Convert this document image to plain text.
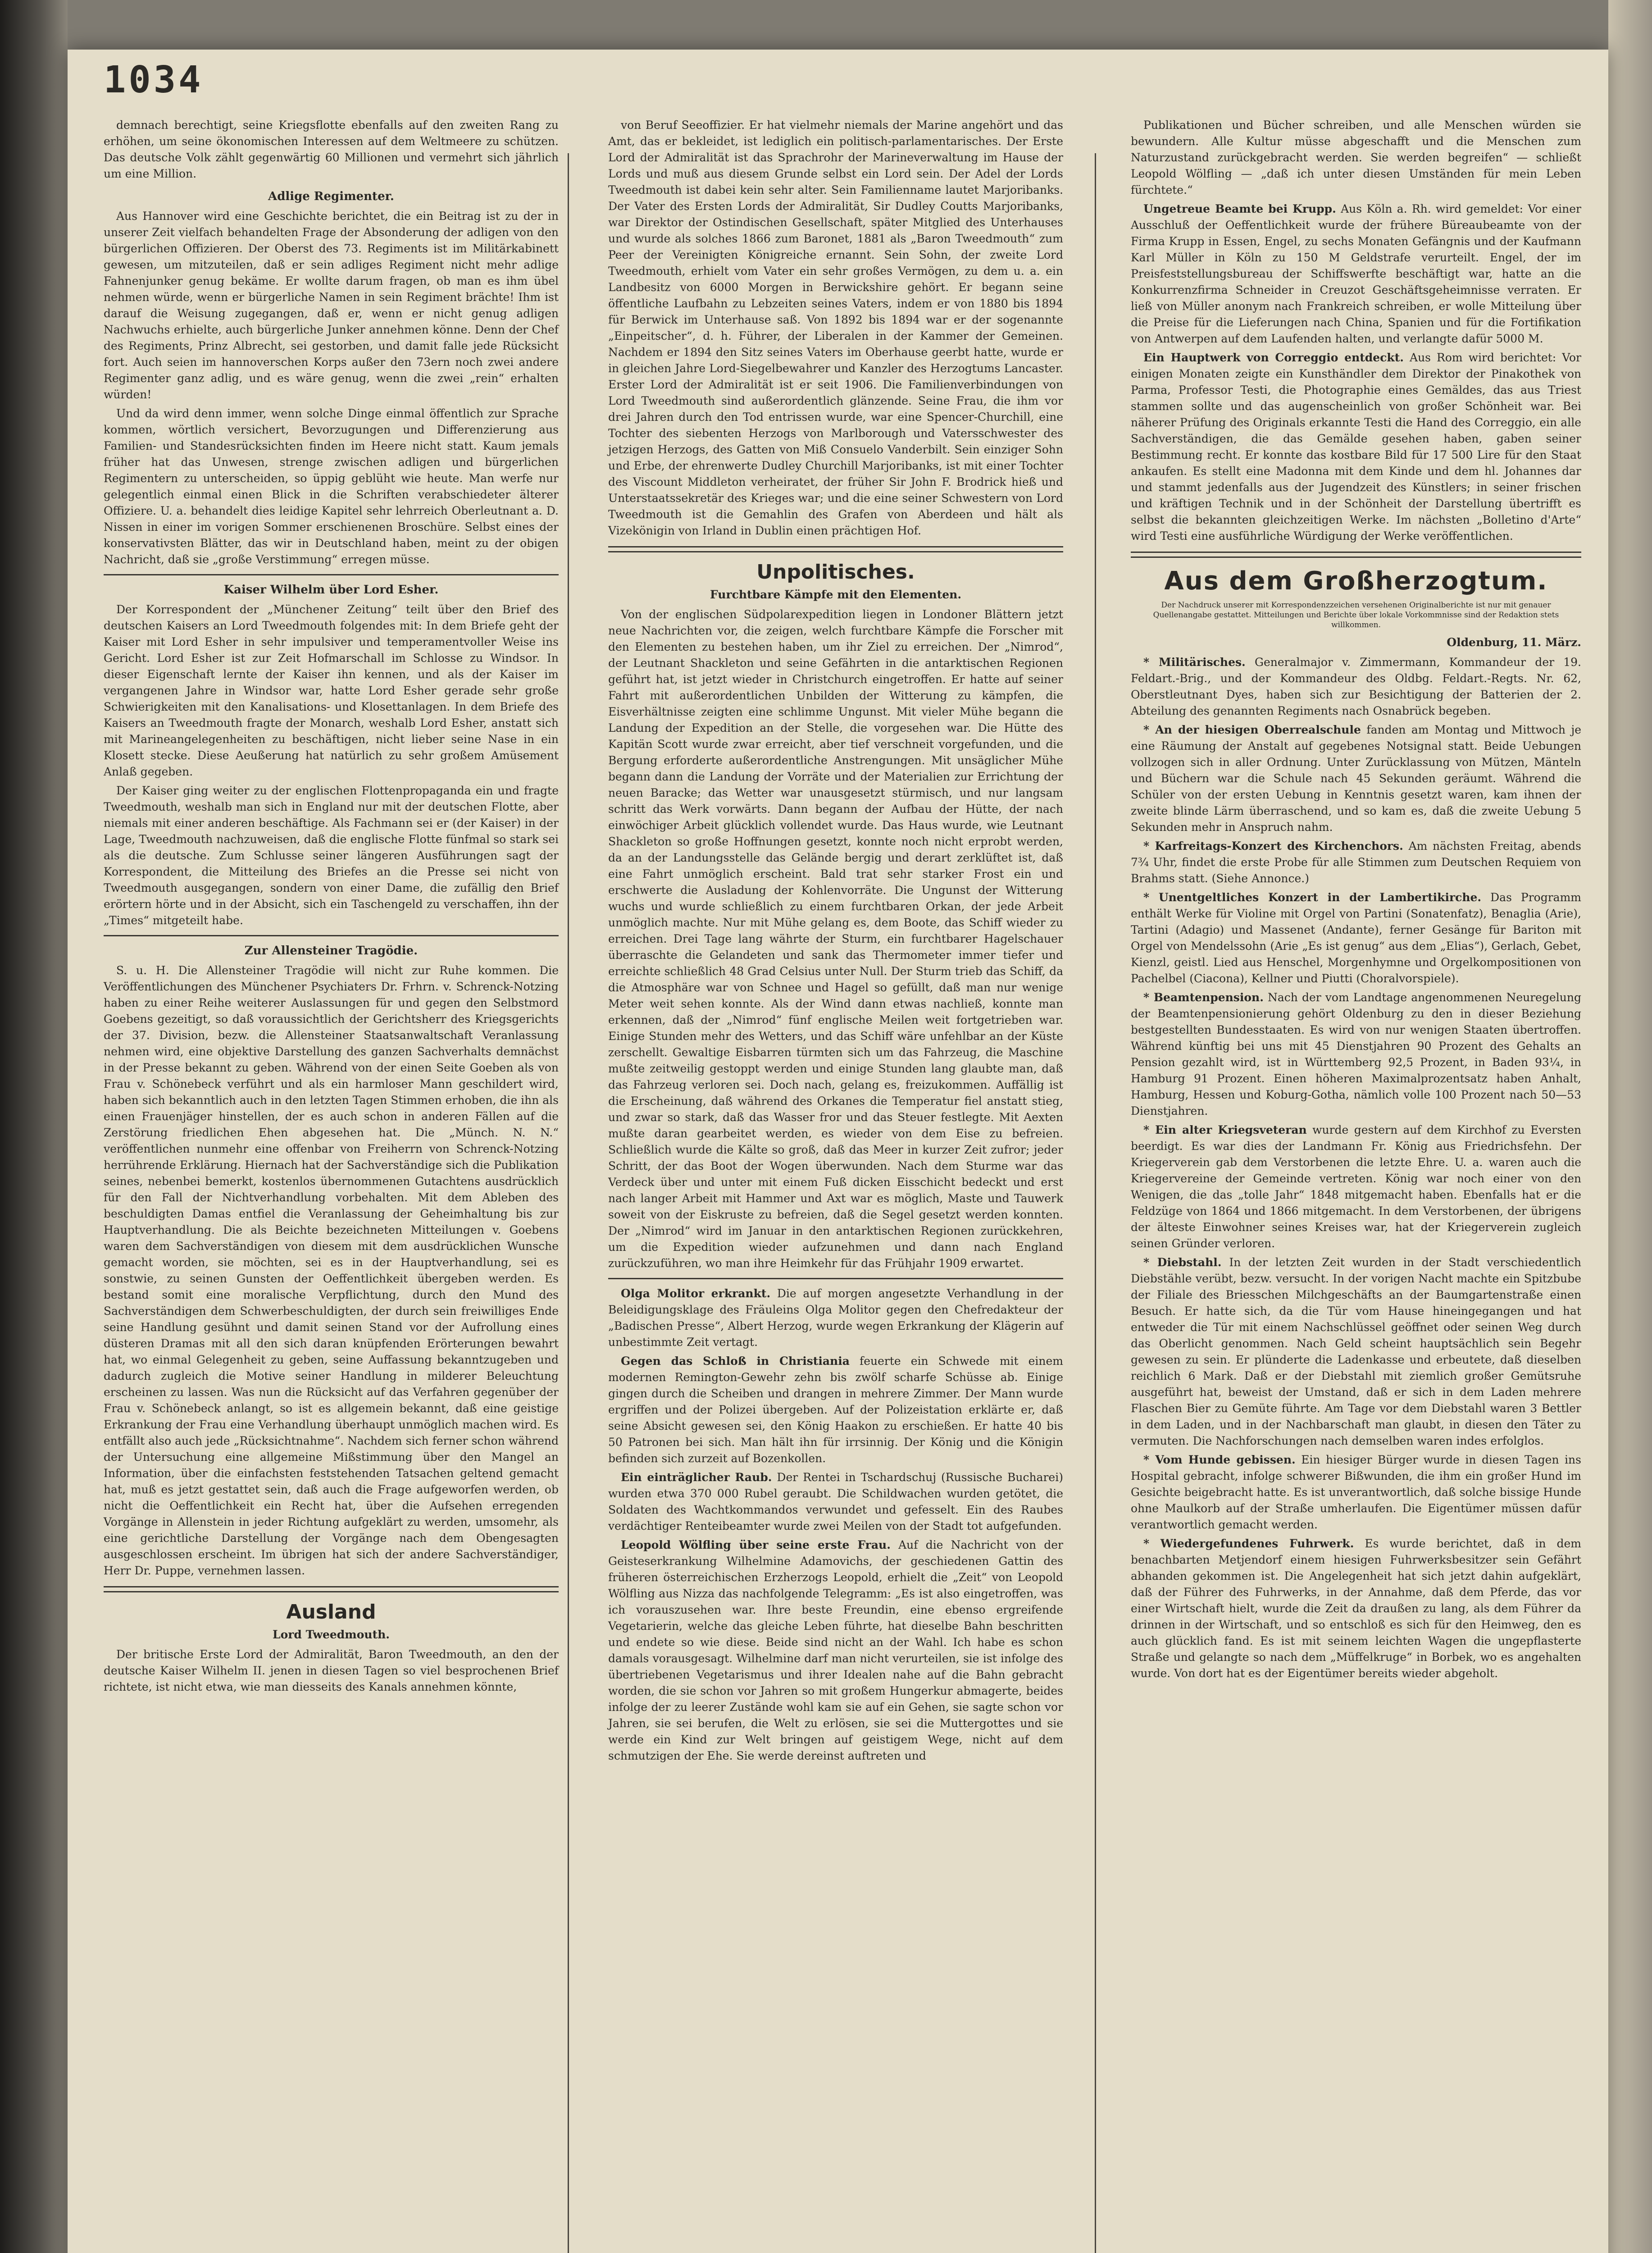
1034

demnach berechtigt, seine Kriegsflotte ebenfalls auf den zweiten Rang zu erhöhen, um seine ökonomischen Interessen auf dem Weltmeere zu schützen. Das deutsche Volk zählt gegenwärtig 60 Millionen und vermehrt sich jährlich um eine Million.

Adlige Regimenter.

Aus Hannover wird eine Geschichte berichtet, die ein Beitrag ist zu der in unserer Zeit vielfach behandelten Frage der Absonderung der adligen von den bürgerlichen Offizieren. Der Oberst des 73. Regiments ist im Militärkabinett gewesen, um mitzuteilen, daß er sein adliges Regiment nicht mehr adlige Fahnenjunker genug bekäme. Er wollte darum fragen, ob man es ihm übel nehmen würde, wenn er bürgerliche Namen in sein Regiment brächte! Ihm ist darauf die Weisung zugegangen, daß er, wenn er nicht genug adligen Nachwuchs erhielte, auch bürgerliche Junker annehmen könne. Denn der Chef des Regiments, Prinz Albrecht, sei gestorben, und damit falle jede Rücksicht fort. Auch seien im hannoverschen Korps außer den 73ern noch zwei andere Regimenter ganz adlig, und es wäre genug, wenn die zwei „rein“ erhalten würden!

Und da wird denn immer, wenn solche Dinge einmal öffentlich zur Sprache kommen, wörtlich versichert, Bevorzugungen und Differenzierung aus Familien- und Standesrücksichten finden im Heere nicht statt. Kaum jemals früher hat das Unwesen, strenge zwischen adligen und bürgerlichen Regimentern zu unterscheiden, so üppig geblüht wie heute. Man werfe nur gelegentlich einmal einen Blick in die Schriften verabschiedeter älterer Offiziere. U. a. behandelt dies leidige Kapitel sehr lehrreich Oberleutnant a. D. Nissen in einer im vorigen Sommer erschienenen Broschüre. Selbst eines der konservativsten Blätter, das wir in Deutschland haben, meint zu der obigen Nachricht, daß sie „große Verstimmung“ erregen müsse.

Kaiser Wilhelm über Lord Esher.

Der Korrespondent der „Münchener Zeitung“ teilt über den Brief des deutschen Kaisers an Lord Tweedmouth folgendes mit: In dem Briefe geht der Kaiser mit Lord Esher in sehr impulsiver und temperamentvoller Weise ins Gericht. Lord Esher ist zur Zeit Hofmarschall im Schlosse zu Windsor. In dieser Eigenschaft lernte der Kaiser ihn kennen, und als der Kaiser im vergangenen Jahre in Windsor war, hatte Lord Esher gerade sehr große Schwierigkeiten mit den Kanalisations- und Klosettanlagen. In dem Briefe des Kaisers an Tweedmouth fragte der Monarch, weshalb Lord Esher, anstatt sich mit Marineangelegenheiten zu beschäftigen, nicht lieber seine Nase in ein Klosett stecke. Diese Aeußerung hat natürlich zu sehr großem Amüsement Anlaß gegeben.

Der Kaiser ging weiter zu der englischen Flottenpropaganda ein und fragte Tweedmouth, weshalb man sich in England nur mit der deutschen Flotte, aber niemals mit einer anderen beschäftige. Als Fachmann sei er (der Kaiser) in der Lage, Tweedmouth nachzuweisen, daß die englische Flotte fünfmal so stark sei als die deutsche. Zum Schlusse seiner längeren Ausführungen sagt der Korrespondent, die Mitteilung des Briefes an die Presse sei nicht von Tweedmouth ausgegangen, sondern von einer Dame, die zufällig den Brief erörtern hörte und in der Absicht, sich ein Taschengeld zu verschaffen, ihn der „Times“ mitgeteilt habe.

Zur Allensteiner Tragödie.

S. u. H. Die Allensteiner Tragödie will nicht zur Ruhe kommen. Die Veröffentlichungen des Münchener Psychiaters Dr. Frhrn. v. Schrenck-Notzing haben zu einer Reihe weiterer Auslassungen für und gegen den Selbstmord Goebens gezeitigt, so daß voraussichtlich der Gerichtsherr des Kriegsgerichts der 37. Division, bezw. die Allensteiner Staatsanwaltschaft Veranlassung nehmen wird, eine objektive Darstellung des ganzen Sachverhalts demnächst in der Presse bekannt zu geben. Während von der einen Seite Goeben als von Frau v. Schönebeck verführt und als ein harmloser Mann geschildert wird, haben sich bekanntlich auch in den letzten Tagen Stimmen erhoben, die ihn als einen Frauenjäger hinstellen, der es auch schon in anderen Fällen auf die Zerstörung friedlichen Ehen abgesehen hat. Die „Münch. N. N.“ veröffentlichen nunmehr eine offenbar von Freiherrn von Schrenck-Notzing herrührende Erklärung. Hiernach hat der Sachverständige sich die Publikation seines, nebenbei bemerkt, kostenlos übernommenen Gutachtens ausdrücklich für den Fall der Nichtverhandlung vorbehalten. Mit dem Ableben des beschuldigten Damas entfiel die Veranlassung der Geheimhaltung bis zur Hauptverhandlung. Die als Beichte bezeichneten Mitteilungen v. Goebens waren dem Sachverständigen von diesem mit dem ausdrücklichen Wunsche gemacht worden, sie möchten, sei es in der Hauptverhandlung, sei es sonstwie, zu seinen Gunsten der Oeffentlichkeit übergeben werden. Es bestand somit eine moralische Verpflichtung, durch den Mund des Sachverständigen dem Schwerbeschuldigten, der durch sein freiwilliges Ende seine Handlung gesühnt und damit seinen Stand vor der Aufrollung eines düsteren Dramas mit all den sich daran knüpfenden Erörterungen bewahrt hat, wo einmal Gelegenheit zu geben, seine Auffassung bekanntzugeben und dadurch zugleich die Motive seiner Handlung in milderer Beleuchtung erscheinen zu lassen. Was nun die Rücksicht auf das Verfahren gegenüber der Frau v. Schönebeck anlangt, so ist es allgemein bekannt, daß eine geistige Erkrankung der Frau eine Verhandlung überhaupt unmöglich machen wird. Es entfällt also auch jede „Rücksichtnahme“. Nachdem sich ferner schon während der Untersuchung eine allgemeine Mißstimmung über den Mangel an Information, über die einfachsten feststehenden Tatsachen geltend gemacht hat, muß es jetzt gestattet sein, daß auch die Frage aufgeworfen werden, ob nicht die Oeffentlichkeit ein Recht hat, über die Aufsehen erregenden Vorgänge in Allenstein in jeder Richtung aufgeklärt zu werden, umsomehr, als eine gerichtliche Darstellung der Vorgänge nach dem Obengesagten ausgeschlossen erscheint. Im übrigen hat sich der andere Sachverständiger, Herr Dr. Puppe, vernehmen lassen.

Ausland
Lord Tweedmouth.

Der britische Erste Lord der Admiralität, Baron Tweedmouth, an den der deutsche Kaiser Wilhelm II. jenen in diesen Tagen so viel besprochenen Brief richtete, ist nicht etwa, wie man diesseits des Kanals annehmen könnte,

von Beruf Seeoffizier. Er hat vielmehr niemals der Marine angehört und das Amt, das er bekleidet, ist lediglich ein politisch-parlamentarisches. Der Erste Lord der Admiralität ist das Sprachrohr der Marineverwaltung im Hause der Lords und muß aus diesem Grunde selbst ein Lord sein. Der Adel der Lords Tweedmouth ist dabei kein sehr alter. Sein Familienname lautet Marjoribanks. Der Vater des Ersten Lords der Admiralität, Sir Dudley Coutts Marjoribanks, war Direktor der Ostindischen Gesellschaft, später Mitglied des Unterhauses und wurde als solches 1866 zum Baronet, 1881 als „Baron Tweedmouth“ zum Peer der Vereinigten Königreiche ernannt. Sein Sohn, der zweite Lord Tweedmouth, erhielt vom Vater ein sehr großes Vermögen, zu dem u. a. ein Landbesitz von 6000 Morgen in Berwickshire gehört. Er begann seine öffentliche Laufbahn zu Lebzeiten seines Vaters, indem er von 1880 bis 1894 für Berwick im Unterhause saß. Von 1892 bis 1894 war er der sogenannte „Einpeitscher“, d. h. Führer, der Liberalen in der Kammer der Gemeinen. Nachdem er 1894 den Sitz seines Vaters im Oberhause geerbt hatte, wurde er in gleichen Jahre Lord-Siegelbewahrer und Kanzler des Herzogtums Lancaster. Erster Lord der Admiralität ist er seit 1906. Die Familienverbindungen von Lord Tweedmouth sind außerordentlich glänzende. Seine Frau, die ihm vor drei Jahren durch den Tod entrissen wurde, war eine Spencer-Churchill, eine Tochter des siebenten Herzogs von Marlborough und Vatersschwester des jetzigen Herzogs, des Gatten von Miß Consuelo Vanderbilt. Sein einziger Sohn und Erbe, der ehrenwerte Dudley Churchill Marjoribanks, ist mit einer Tochter des Viscount Middleton verheiratet, der früher Sir John F. Brodrick hieß und Unterstaatssekretär des Krieges war; und die eine seiner Schwestern von Lord Tweedmouth ist die Gemahlin des Grafen von Aberdeen und hält als Vizekönigin von Irland in Dublin einen prächtigen Hof.

Unpolitisches.
Furchtbare Kämpfe mit den Elementen.

Von der englischen Südpolarexpedition liegen in Londoner Blättern jetzt neue Nachrichten vor, die zeigen, welch furchtbare Kämpfe die Forscher mit den Elementen zu bestehen haben, um ihr Ziel zu erreichen. Der „Nimrod“, der Leutnant Shackleton und seine Gefährten in die antarktischen Regionen geführt hat, ist jetzt wieder in Christchurch eingetroffen. Er hatte auf seiner Fahrt mit außerordentlichen Unbilden der Witterung zu kämpfen, die Eisverhältnisse zeigten eine schlimme Ungunst. Mit vieler Mühe begann die Landung der Expedition an der Stelle, die vorgesehen war. Die Hütte des Kapitän Scott wurde zwar erreicht, aber tief verschneit vorgefunden, und die Bergung erforderte außerordentliche Anstrengungen. Mit unsäglicher Mühe begann dann die Landung der Vorräte und der Materialien zur Errichtung der neuen Baracke; das Wetter war unausgesetzt stürmisch, und nur langsam schritt das Werk vorwärts. Dann begann der Aufbau der Hütte, der nach einwöchiger Arbeit glücklich vollendet wurde. Das Haus wurde, wie Leutnant Shackleton so große Hoffnungen gesetzt, konnte noch nicht erprobt werden, da an der Landungsstelle das Gelände bergig und derart zerklüftet ist, daß eine Fahrt unmöglich erscheint. Bald trat sehr starker Frost ein und erschwerte die Ausladung der Kohlenvorräte. Die Ungunst der Witterung wuchs und wurde schließlich zu einem furchtbaren Orkan, der jede Arbeit unmöglich machte. Nur mit Mühe gelang es, dem Boote, das Schiff wieder zu erreichen. Drei Tage lang währte der Sturm, ein furchtbarer Hagelschauer überraschte die Gelandeten und sank das Thermometer immer tiefer und erreichte schließlich 48 Grad Celsius unter Null. Der Sturm trieb das Schiff, da die Atmosphäre war von Schnee und Hagel so gefüllt, daß man nur wenige Meter weit sehen konnte. Als der Wind dann etwas nachließ, konnte man erkennen, daß der „Nimrod“ fünf englische Meilen weit fortgetrieben war. Einige Stunden mehr des Wetters, und das Schiff wäre unfehlbar an der Küste zerschellt. Gewaltige Eisbarren türmten sich um das Fahrzeug, die Maschine mußte zeitweilig gestoppt werden und einige Stunden lang glaubte man, daß das Fahrzeug verloren sei. Doch nach, gelang es, freizukommen. Auffällig ist die Erscheinung, daß während des Orkanes die Temperatur fiel anstatt stieg, und zwar so stark, daß das Wasser fror und das Steuer festlegte. Mit Aexten mußte daran gearbeitet werden, es wieder von dem Eise zu befreien. Schließlich wurde die Kälte so groß, daß das Meer in kurzer Zeit zufror; jeder Schritt, der das Boot der Wogen überwunden. Nach dem Sturme war das Verdeck über und unter mit einem Fuß dicken Eisschicht bedeckt und erst nach langer Arbeit mit Hammer und Axt war es möglich, Maste und Tauwerk soweit von der Eiskruste zu befreien, daß die Segel gesetzt werden konnten. Der „Nimrod“ wird im Januar in den antarktischen Regionen zurückkehren, um die Expedition wieder aufzunehmen und dann nach England zurückzuführen, wo man ihre Heimkehr für das Frühjahr 1909 erwartet.

Olga Molitor erkrankt. Die auf morgen angesetzte Verhandlung in der Beleidigungsklage des Fräuleins Olga Molitor gegen den Chefredakteur der „Badischen Presse“, Albert Herzog, wurde wegen Erkrankung der Klägerin auf unbestimmte Zeit vertagt.

Gegen das Schloß in Christiania feuerte ein Schwede mit einem modernen Remington-Gewehr zehn bis zwölf scharfe Schüsse ab. Einige gingen durch die Scheiben und drangen in mehrere Zimmer. Der Mann wurde ergriffen und der Polizei übergeben. Auf der Polizeistation erklärte er, daß seine Absicht gewesen sei, den König Haakon zu erschießen. Er hatte 40 bis 50 Patronen bei sich. Man hält ihn für irrsinnig. Der König und die Königin befinden sich zurzeit auf Bozenkollen.

Ein einträglicher Raub. Der Rentei in Tschardschuj (Russische Bucharei) wurden etwa 370 000 Rubel geraubt. Die Schildwachen wurden getötet, die Soldaten des Wachtkommandos verwundet und gefesselt. Ein des Raubes verdächtiger Renteibeamter wurde zwei Meilen von der Stadt tot aufgefunden.

Leopold Wölfling über seine erste Frau. Auf die Nachricht von der Geisteserkrankung Wilhelmine Adamovichs, der geschiedenen Gattin des früheren österreichischen Erzherzogs Leopold, erhielt die „Zeit“ von Leopold Wölfling aus Nizza das nachfolgende Telegramm: „Es ist also eingetroffen, was ich vorauszusehen war. Ihre beste Freundin, eine ebenso ergreifende Vegetarierin, welche das gleiche Leben führte, hat dieselbe Bahn beschritten und endete so wie diese. Beide sind nicht an der Wahl. Ich habe es schon damals vorausgesagt. Wilhelmine darf man nicht verurteilen, sie ist infolge des übertriebenen Vegetarismus und ihrer Idealen nahe auf die Bahn gebracht worden, die sie schon vor Jahren so mit großem Hungerkur abmagerte, beides infolge der zu leerer Zustände wohl kam sie auf ein Gehen, sie sagte schon vor Jahren, sie sei berufen, die Welt zu erlösen, sie sei die Muttergottes und sie werde ein Kind zur Welt bringen auf geistigem Wege, nicht auf dem schmutzigen der Ehe. Sie werde dereinst auftreten und

Publikationen und Bücher schreiben, und alle Menschen würden sie bewundern. Alle Kultur müsse abgeschafft und die Menschen zum Naturzustand zurückgebracht werden. Sie werden begreifen“ — schließt Leopold Wölfling — „daß ich unter diesen Umständen für mein Leben fürchtete.“

Ungetreue Beamte bei Krupp. Aus Köln a. Rh. wird gemeldet: Vor einer Ausschluß der Oeffentlichkeit wurde der frühere Büreaubeamte von der Firma Krupp in Essen, Engel, zu sechs Monaten Gefängnis und der Kaufmann Karl Müller in Köln zu 150 M Geldstrafe verurteilt. Engel, der im Preisfeststellungsbureau der Schiffswerfte beschäftigt war, hatte an die Konkurrenzfirma Schneider in Creuzot Geschäftsgeheimnisse verraten. Er ließ von Müller anonym nach Frankreich schreiben, er wolle Mitteilung über die Preise für die Lieferungen nach China, Spanien und für die Fortifikation von Antwerpen auf dem Laufenden halten, und verlangte dafür 5000 M.

Ein Hauptwerk von Correggio entdeckt. Aus Rom wird berichtet: Vor einigen Monaten zeigte ein Kunsthändler dem Direktor der Pinakothek von Parma, Professor Testi, die Photographie eines Gemäldes, das aus Triest stammen sollte und das augenscheinlich von großer Schönheit war. Bei näherer Prüfung des Originals erkannte Testi die Hand des Correggio, ein alle Sachverständigen, die das Gemälde gesehen haben, gaben seiner Bestimmung recht. Er konnte das kostbare Bild für 17 500 Lire für den Staat ankaufen. Es stellt eine Madonna mit dem Kinde und dem hl. Johannes dar und stammt jedenfalls aus der Jugendzeit des Künstlers; in seiner frischen und kräftigen Technik und in der Schönheit der Darstellung übertrifft es selbst die bekannten gleichzeitigen Werke. Im nächsten „Bolletino d'Arte“ wird Testi eine ausführliche Würdigung der Werke veröffentlichen.

Aus dem Großherzogtum.
Der Nachdruck unserer mit Korrespondenzzeichen versehenen Originalberichte ist nur mit genauer Quellenangabe gestattet. Mitteilungen und Berichte über lokale Vorkommnisse sind der Redaktion stets willkommen.
Oldenburg, 11. März.

* Militärisches. Generalmajor v. Zimmermann, Kommandeur der 19. Feldart.-Brig., und der Kommandeur des Oldbg. Feldart.-Regts. Nr. 62, Oberstleutnant Dyes, haben sich zur Besichtigung der Batterien der 2. Abteilung des genannten Regiments nach Osnabrück begeben.

* An der hiesigen Oberrealschule fanden am Montag und Mittwoch je eine Räumung der Anstalt auf gegebenes Notsignal statt. Beide Uebungen vollzogen sich in aller Ordnung. Unter Zurücklassung von Mützen, Mänteln und Büchern war die Schule nach 45 Sekunden geräumt. Während die Schüler von der ersten Uebung in Kenntnis gesetzt waren, kam ihnen der zweite blinde Lärm überraschend, und so kam es, daß die zweite Uebung 5 Sekunden mehr in Anspruch nahm.

* Karfreitags-Konzert des Kirchenchors. Am nächsten Freitag, abends 7¾ Uhr, findet die erste Probe für alle Stimmen zum Deutschen Requiem von Brahms statt. (Siehe Annonce.)

* Unentgeltliches Konzert in der Lambertikirche. Das Programm enthält Werke für Violine mit Orgel von Partini (Sonatenfatz), Benaglia (Arie), Tartini (Adagio) und Massenet (Andante), ferner Gesänge für Bariton mit Orgel von Mendelssohn (Arie „Es ist genug“ aus dem „Elias“), Gerlach, Gebet, Kienzl, geistl. Lied aus Henschel, Morgenhymne und Orgelkompositionen von Pachelbel (Ciacona), Kellner und Piutti (Choralvorspiele).

* Beamtenpension. Nach der vom Landtage angenommenen Neuregelung der Beamtenpensionierung gehört Oldenburg zu den in dieser Beziehung bestgestellten Bundesstaaten. Es wird von nur wenigen Staaten übertroffen. Während künftig bei uns mit 45 Dienstjahren 90 Prozent des Gehalts an Pension gezahlt wird, ist in Württemberg 92,5 Prozent, in Baden 93¼, in Hamburg 91 Prozent. Einen höheren Maximalprozentsatz haben Anhalt, Hamburg, Hessen und Koburg-Gotha, nämlich volle 100 Prozent nach 50—53 Dienstjahren.

* Ein alter Kriegsveteran wurde gestern auf dem Kirchhof zu Eversten beerdigt. Es war dies der Landmann Fr. König aus Friedrichsfehn. Der Kriegerverein gab dem Verstorbenen die letzte Ehre. U. a. waren auch die Kriegervereine der Gemeinde vertreten. König war noch einer von den Wenigen, die das „tolle Jahr“ 1848 mitgemacht haben. Ebenfalls hat er die Feldzüge von 1864 und 1866 mitgemacht. In dem Verstorbenen, der übrigens der älteste Einwohner seines Kreises war, hat der Kriegerverein zugleich seinen Gründer verloren.

* Diebstahl. In der letzten Zeit wurden in der Stadt verschiedentlich Diebstähle verübt, bezw. versucht. In der vorigen Nacht machte ein Spitzbube der Filiale des Briesschen Milchgeschäfts an der Baumgartenstraße einen Besuch. Er hatte sich, da die Tür vom Hause hineingegangen und hat entweder die Tür mit einem Nachschlüssel geöffnet oder seinen Weg durch das Oberlicht genommen. Nach Geld scheint hauptsächlich sein Begehr gewesen zu sein. Er plünderte die Ladenkasse und erbeutete, daß dieselben reichlich 6 Mark. Daß er der Diebstahl mit ziemlich großer Gemütsruhe ausgeführt hat, beweist der Umstand, daß er sich in dem Laden mehrere Flaschen Bier zu Gemüte führte. Am Tage vor dem Diebstahl waren 3 Bettler in dem Laden, und in der Nachbarschaft man glaubt, in diesen den Täter zu vermuten. Die Nachforschungen nach demselben waren indes erfolglos.

* Vom Hunde gebissen. Ein hiesiger Bürger wurde in diesen Tagen ins Hospital gebracht, infolge schwerer Bißwunden, die ihm ein großer Hund im Gesichte beigebracht hatte. Es ist unverantwortlich, daß solche bissige Hunde ohne Maulkorb auf der Straße umherlaufen. Die Eigentümer müssen dafür verantwortlich gemacht werden.

* Wiedergefundenes Fuhrwerk. Es wurde berichtet, daß in dem benachbarten Metjendorf einem hiesigen Fuhrwerksbesitzer sein Gefährt abhanden gekommen ist. Die Angelegenheit hat sich jetzt dahin aufgeklärt, daß der Führer des Fuhrwerks, in der Annahme, daß dem Pferde, das vor einer Wirtschaft hielt, wurde die Zeit da draußen zu lang, als dem Führer da drinnen in der Wirtschaft, und so entschloß es sich für den Heimweg, den es auch glücklich fand. Es ist mit seinem leichten Wagen die ungepflasterte Straße und gelangte so nach dem „Müffelkruge“ in Borbek, wo es angehalten wurde. Von dort hat es der Eigentümer bereits wieder abgeholt.
